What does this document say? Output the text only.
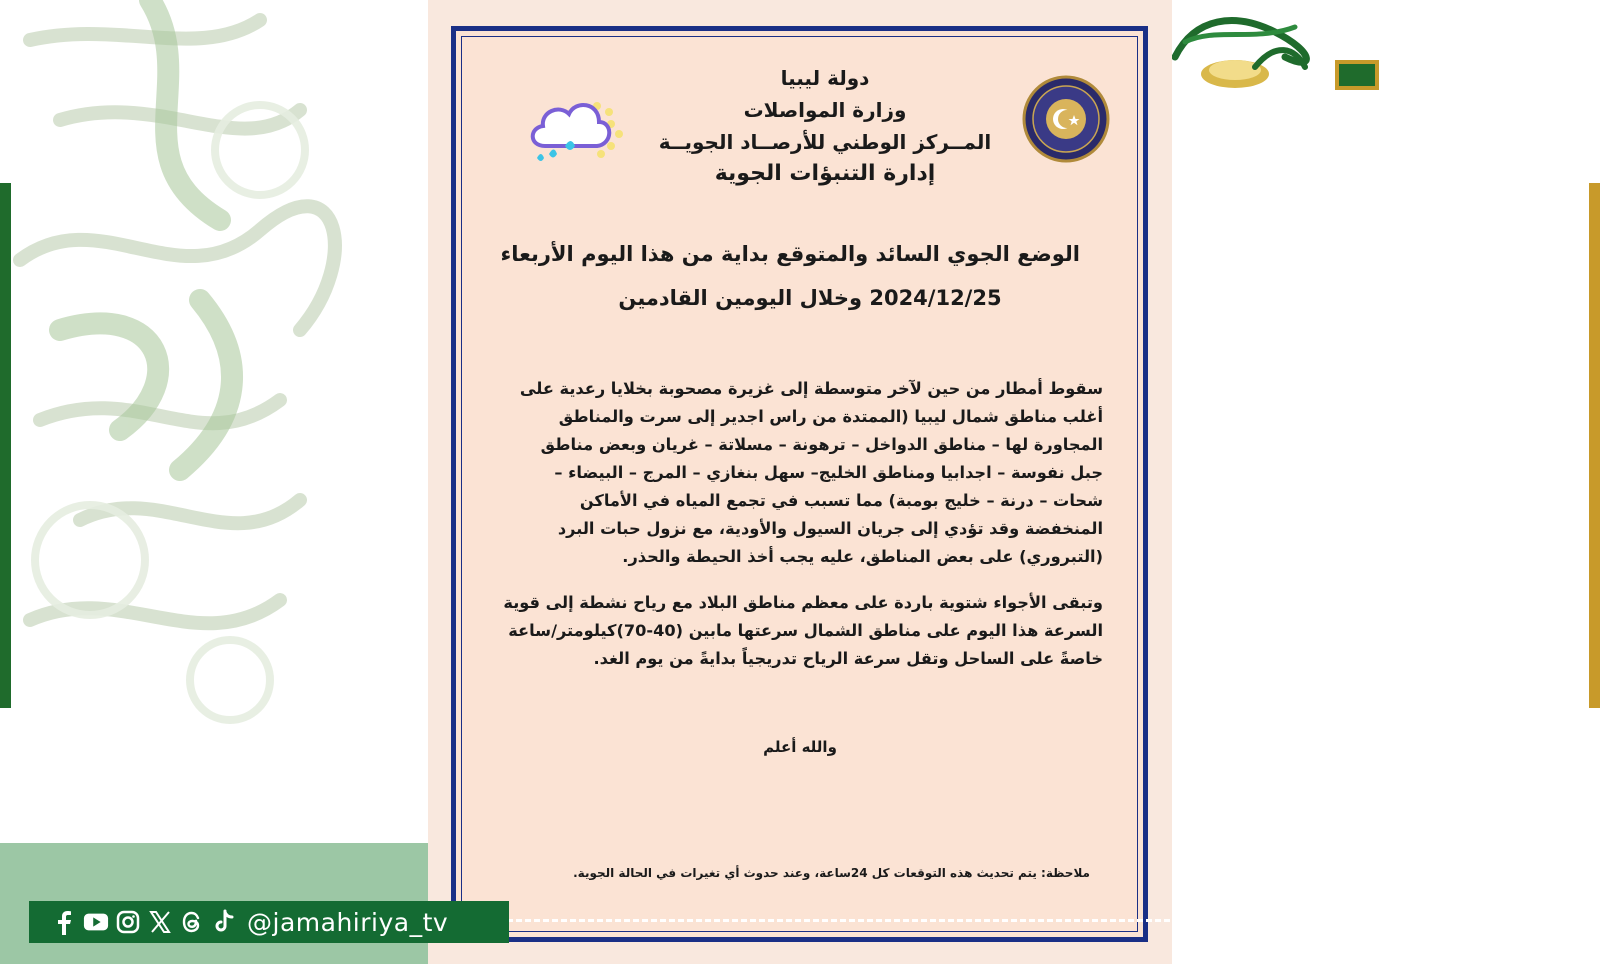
دولة ليبيا
وزارة المواصلات
المــركز الوطني للأرصــاد الجويــة
إدارة التنبؤات الجوية
الوضع الجوي السائد والمتوقع بداية من هذا اليوم الأربعاء
2024/12/25 وخلال اليومين القادمين
سقوط أمطار من حين لآخر متوسطة إلى غزيرة مصحوبة بخلايا رعدية على
أغلب مناطق شمال ليبيا (الممتدة من راس اجدير إلى سرت والمناطق
المجاورة لها – مناطق الدواخل – ترهونة – مسلاتة – غريان وبعض مناطق
جبل نفوسة – اجدابيا ومناطق الخليج– سهل بنغازي – المرج – البيضاء –
شحات – درنة – خليج بومبة) مما تسبب في تجمع المياه في الأماكن
المنخفضة وقد تؤدي إلى جريان السيول والأودية، مع نزول حبات البرد
(التبروري) على بعض المناطق، عليه يجب أخذ الحيطة والحذر.
وتبقى الأجواء شتوية باردة على معظم مناطق البلاد مع رياح نشطة إلى قوية
السرعة هذا اليوم على مناطق الشمال سرعتها مابين (40-70)كيلومتر/ساعة
خاصةً على الساحل وتقل سرعة الرياح تدريجياً بدايةً من يوم الغد.
والله أعلم
ملاحظة: يتم تحديث هذه التوقعات كل 24ساعة، وعند حدوث أي تغيرات في الحالة الجوية.
@jamahiriya_tv
